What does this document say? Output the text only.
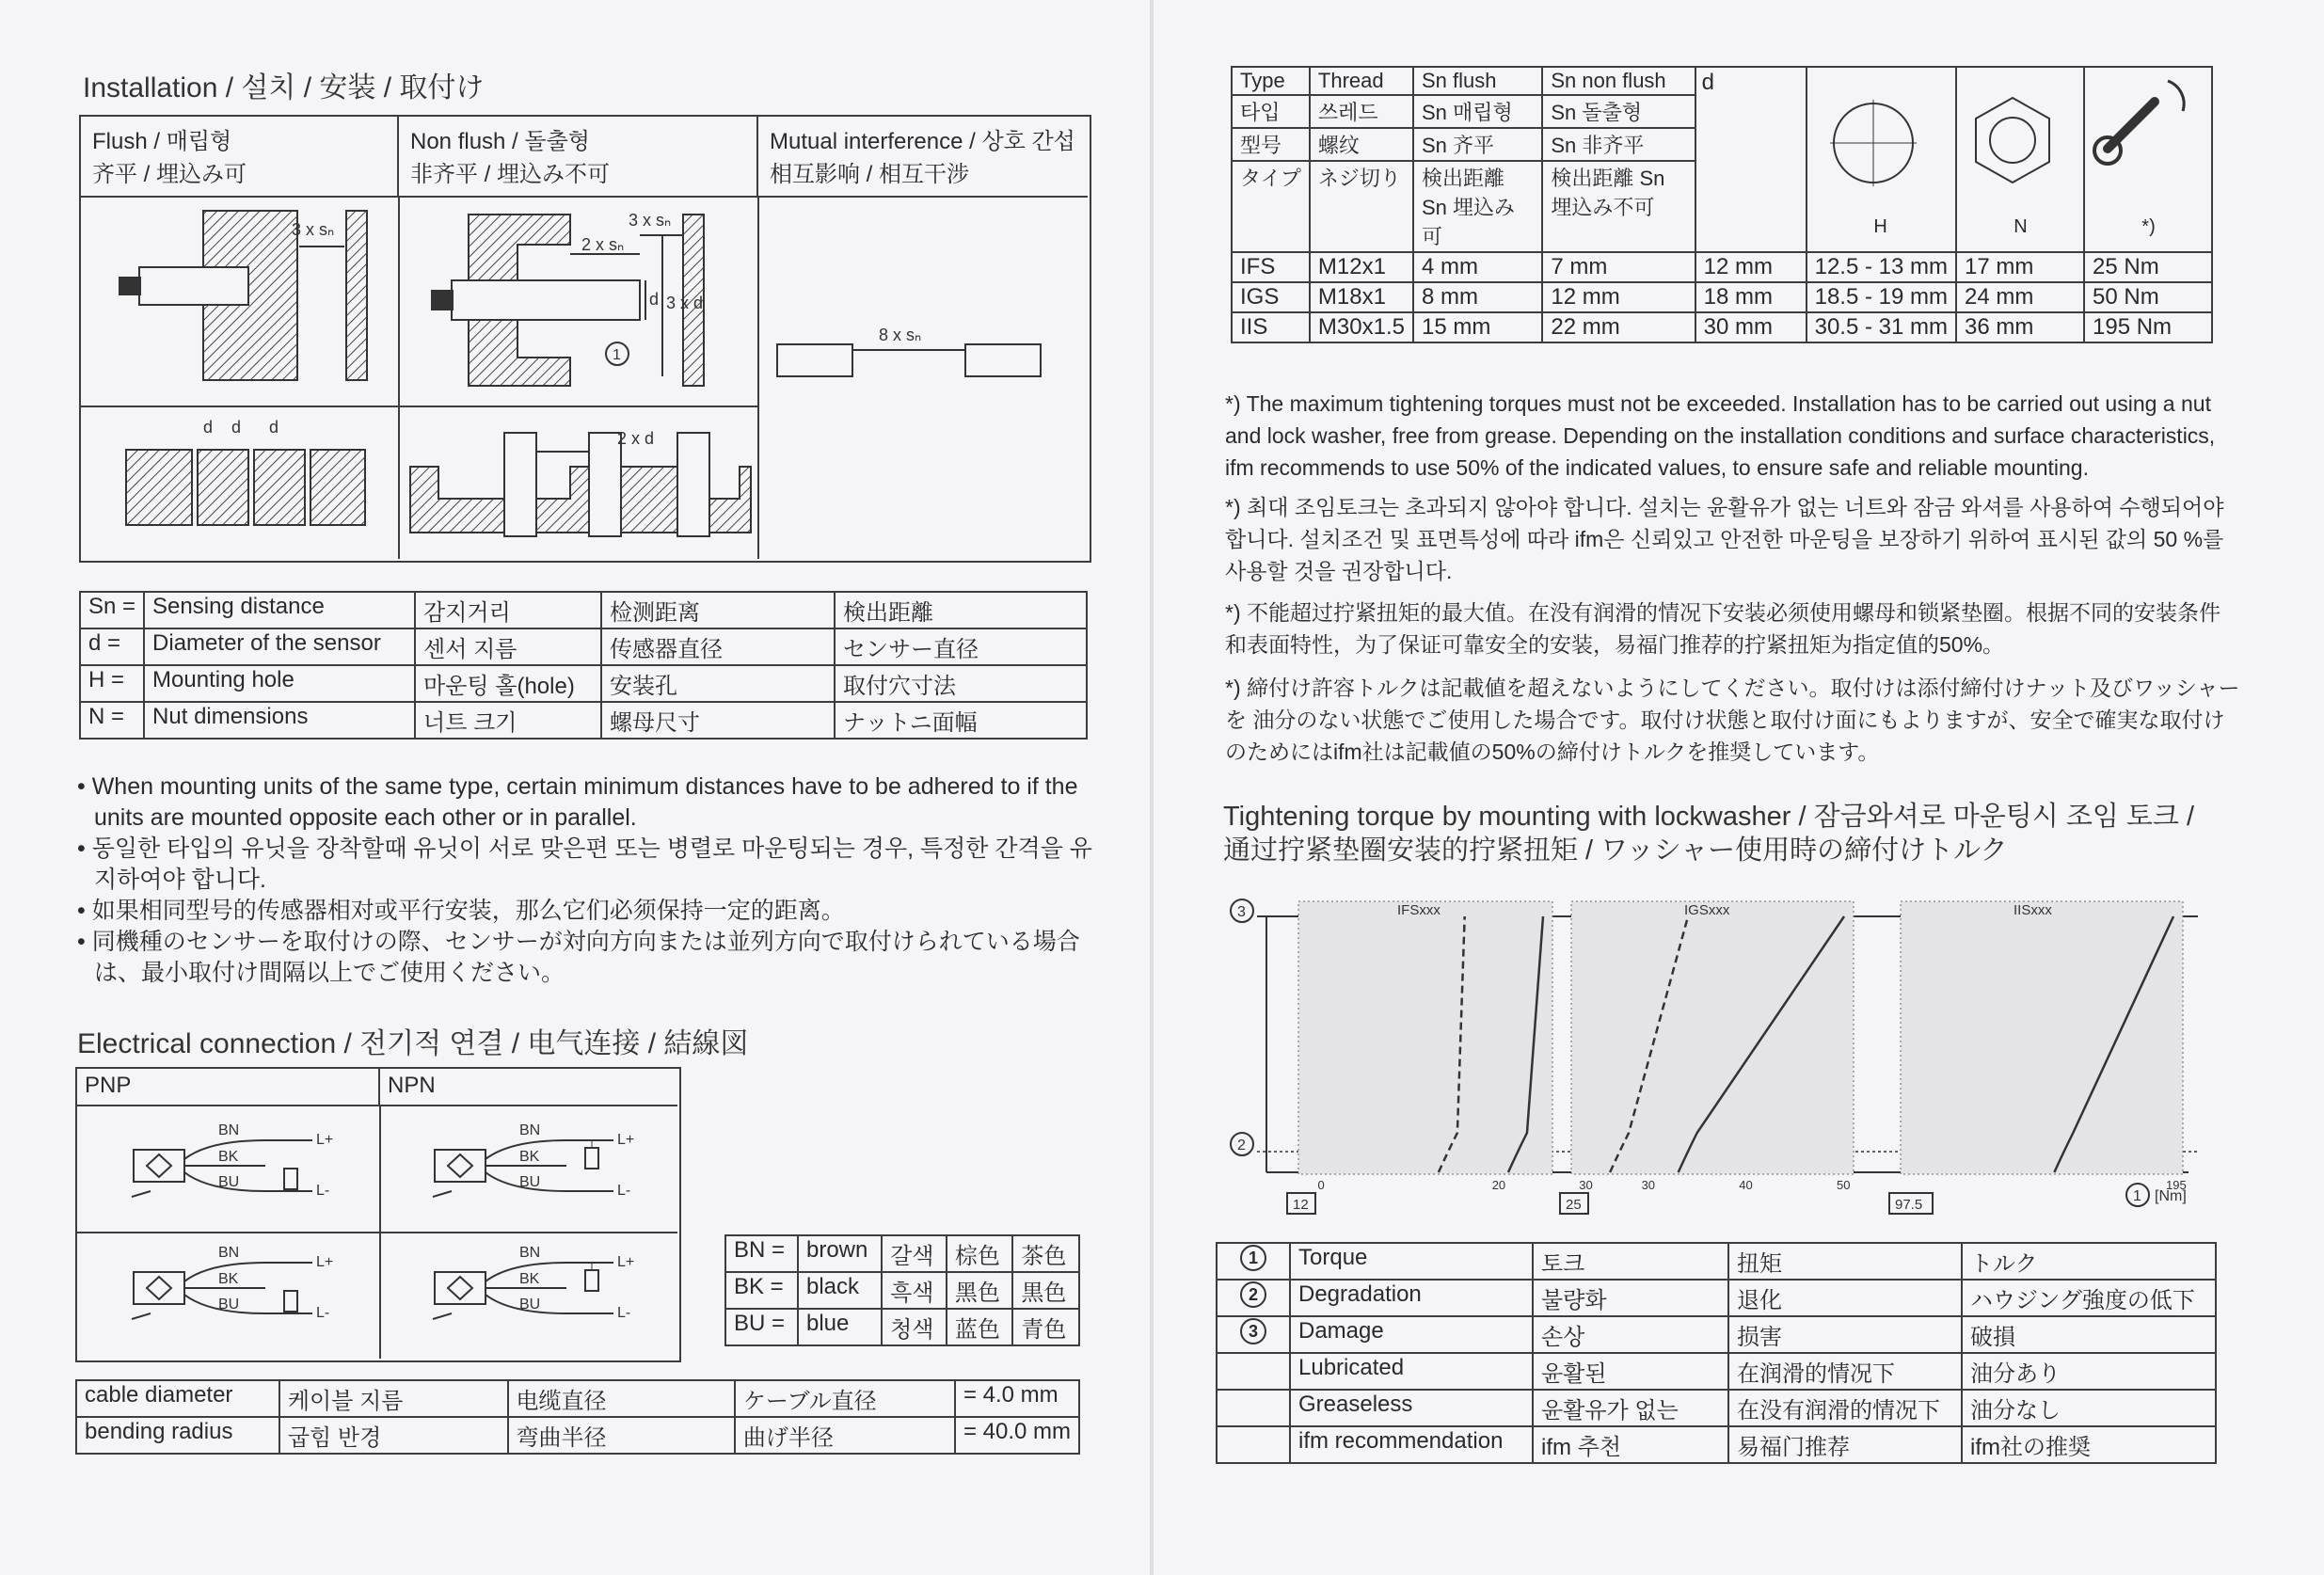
Installation / 설치 / 安装 / 取付け
Flush / 매립형
齐平 / 埋込み可
Non flush / 돌출형
非齐平 / 埋込み不可
Mutual interference / 상호 간섭
相互影响 / 相互干涉
3 x sₙ
d d d
3 x sₙ
2 x sₙ
d 3 x d
1
2 x d
8 x sₙ
Sn =	Sensing distance	감지거리	检测距离	検出距離
d =	Diameter of the sensor	센서 지름	传感器直径	センサー直径
H =	Mounting hole	마운팅 홀(hole)	安装孔	取付穴寸法
N =	Nut dimensions	너트 크기	螺母尺寸	ナットニ面幅
• When mounting units of the same type, certain minimum distances have to be adhered to if the units are mounted opposite each other or in parallel.
• 동일한 타입의 유닛을 장착할때 유닛이 서로 맞은편 또는 병렬로 마운팅되는 경우, 특정한 간격을 유지하여야 합니다.
• 如果相同型号的传感器相对或平行安装，那么它们必须保持一定的距离。
• 同機種のセンサーを取付けの際、センサーが対向方向または並列方向で取付けられている場合は、最小取付け間隔以上でご使用ください。
Electrical connection / 전기적 연결 / 电气连接 / 結線図
PNP	NPN
BN
BK
BU
L+
L-
BN
BK
BU
L+
L-
BN
BK
BU
L+
L-
BN
BK
BU
L+
L-
BN =	brown	갈색	棕色	茶色
BK =	black	흑색	黑色	黒色
BU =	blue	청색	蓝色	青色
cable diameter	케이블 지름	电缆直径	ケーブル直径	= 4.0 mm
bending radius	굽힘 반경	弯曲半径	曲げ半径	= 40.0 mm
Type	Thread	Sn flush	Sn non flush	d	H	N	*)

타입	쓰레드	Sn 매립형	Sn 돌출형				
型号	螺纹	Sn 齐平	Sn 非齐平				
タイプ	ネジ切り	検出距離 Sn 埋込み可	検出距離 Sn 埋込み不可				
IFS	M12x1	4 mm	7 mm	12 mm	12.5 - 13 mm	17 mm	25 Nm
IGS	M18x1	8 mm	12 mm	18 mm	18.5 - 19 mm	24 mm	50 Nm
IIS	M30x1.5	15 mm	22 mm	30 mm	30.5 - 31 mm	36 mm	195 Nm
*) The maximum tightening torques must not be exceeded. Installation has to be carried out using a nut and lock washer, free from grease. Depending on the installation conditions and surface characteristics, ifm recommends to use 50% of the indicated values, to ensure safe and reliable mounting.
*) 최대 조임토크는 초과되지 않아야 합니다. 설치는 윤활유가 없는 너트와 잠금 와셔를 사용하여 수행되어야 합니다. 설치조건 및 표면특성에 따라 ifm은 신뢰있고 안전한 마운팅을 보장하기 위하여 표시된 값의 50 %를 사용할 것을 권장합니다.
*) 不能超过拧紧扭矩的最大值。在没有润滑的情况下安装必须使用螺母和锁紧垫圈。根据不同的安装条件和表面特性，为了保证可靠安全的安装，易福门推荐的拧紧扭矩为指定值的50%。
*) 締付け許容トルクは記載値を超えないようにしてください。取付けは添付締付けナット及びワッシャーを 油分のない状態でご使用した場合です。取付け状態と取付け面にもよりますが、安全で確実な取付けのためにはifm社は記載値の50%の締付けトルクを推奨しています。
Tightening torque by mounting with lockwasher / 잠금와셔로 마운팅시 조임 토크 /
通过拧紧垫圈安装的拧紧扭矩 / ワッシャー使用時の締付けトルク
3
2
1 [Nm]
IFSxxx
0	20	30
12
IGSxxx
30	40	50
25
IISxxx
195
97.5
1	Torque	토크	扭矩	トルク
2	Degradation	불량화	退化	ハウジング強度の低下
3	Damage	손상	损害	破損
	Lubricated	윤활된	在润滑的情况下	油分あり
	Greaseless	윤활유가 없는	在没有润滑的情况下	油分なし
	ifm recommendation	ifm 추천	易福门推荐	ifm社の推奨
